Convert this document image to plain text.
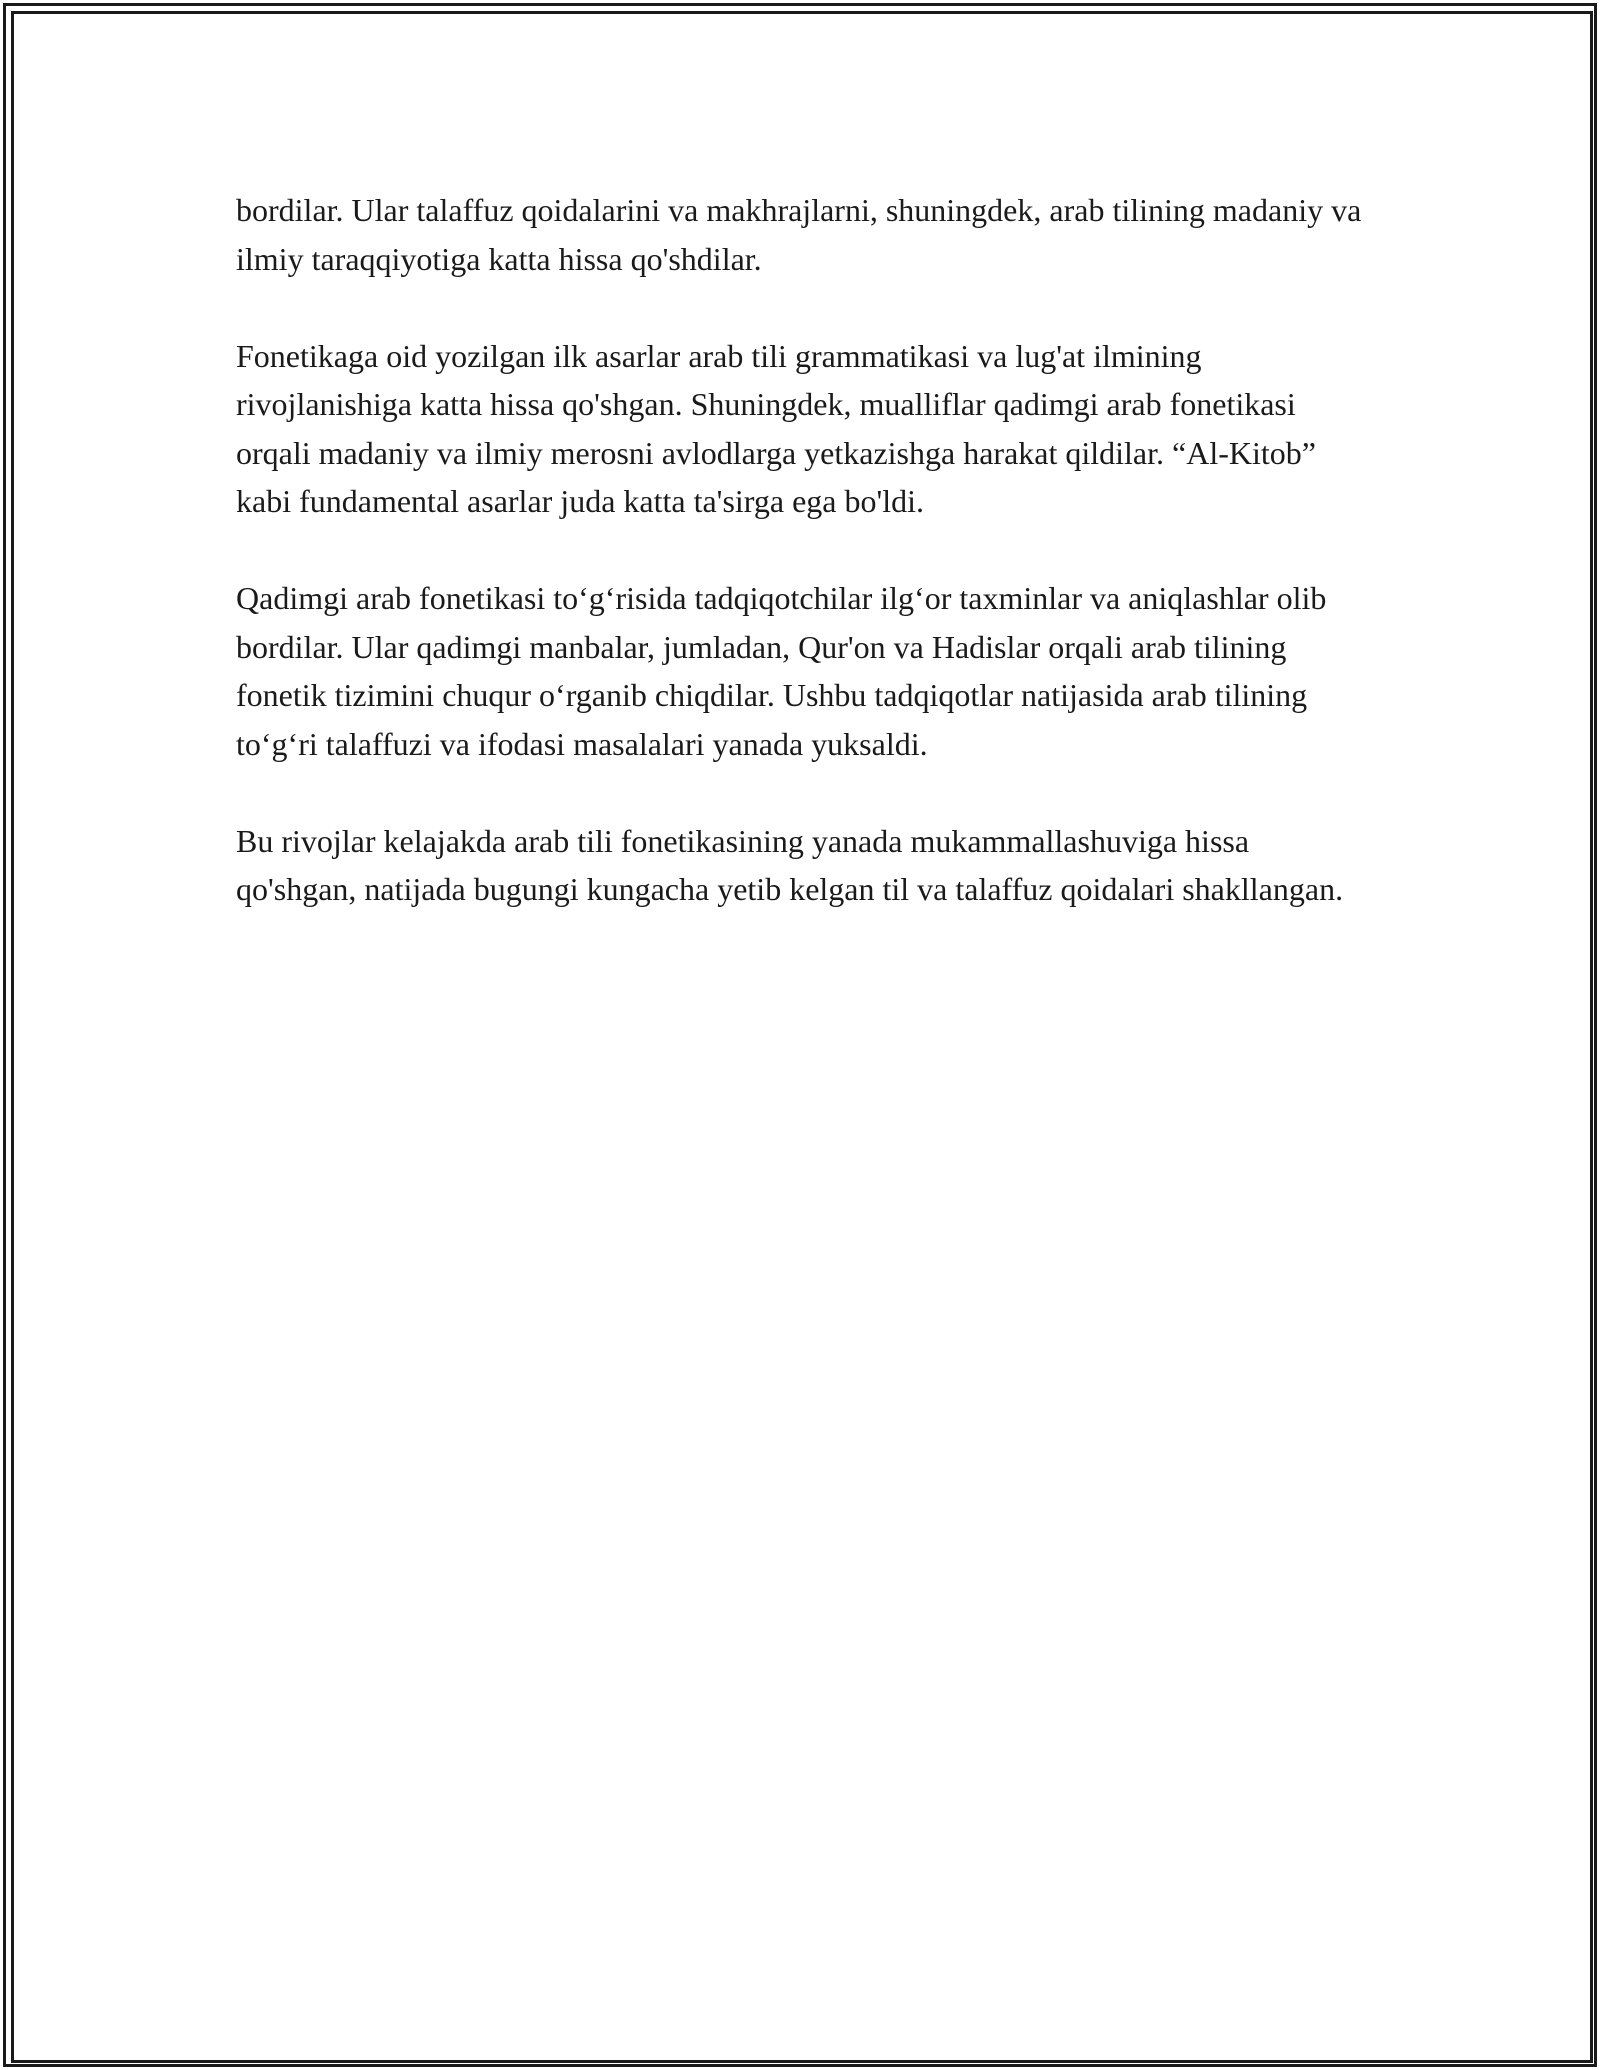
bordilar. Ular talaffuz qoidalarini va makhrajlarni, shuningdek, arab tilining madaniy va ilmiy taraqqiyotiga katta hissa qo'shdilar.

Fonetikaga oid yozilgan ilk asarlar arab tili grammatikasi va lug'at ilmining rivojlanishiga katta hissa qo'shgan. Shuningdek, mualliflar qadimgi arab fonetikasi orqali madaniy va ilmiy merosni avlodlarga yetkazishga harakat qildilar. “Al-Kitob” kabi fundamental asarlar juda katta ta'sirga ega bo'ldi.

Qadimgi arab fonetikasi to‘g‘risida tadqiqotchilar ilg‘or taxminlar va aniqlashlar olib bordilar. Ular qadimgi manbalar, jumladan, Qur'on va Hadislar orqali arab tilining fonetik tizimini chuqur o‘rganib chiqdilar. Ushbu tadqiqotlar natijasida arab tilining to‘g‘ri talaffuzi va ifodasi masalalari yanada yuksaldi.

Bu rivojlar kelajakda arab tili fonetikasining yanada mukammallashuviga hissa qo'shgan, natijada bugungi kungacha yetib kelgan til va talaffuz qoidalari shakllangan.
